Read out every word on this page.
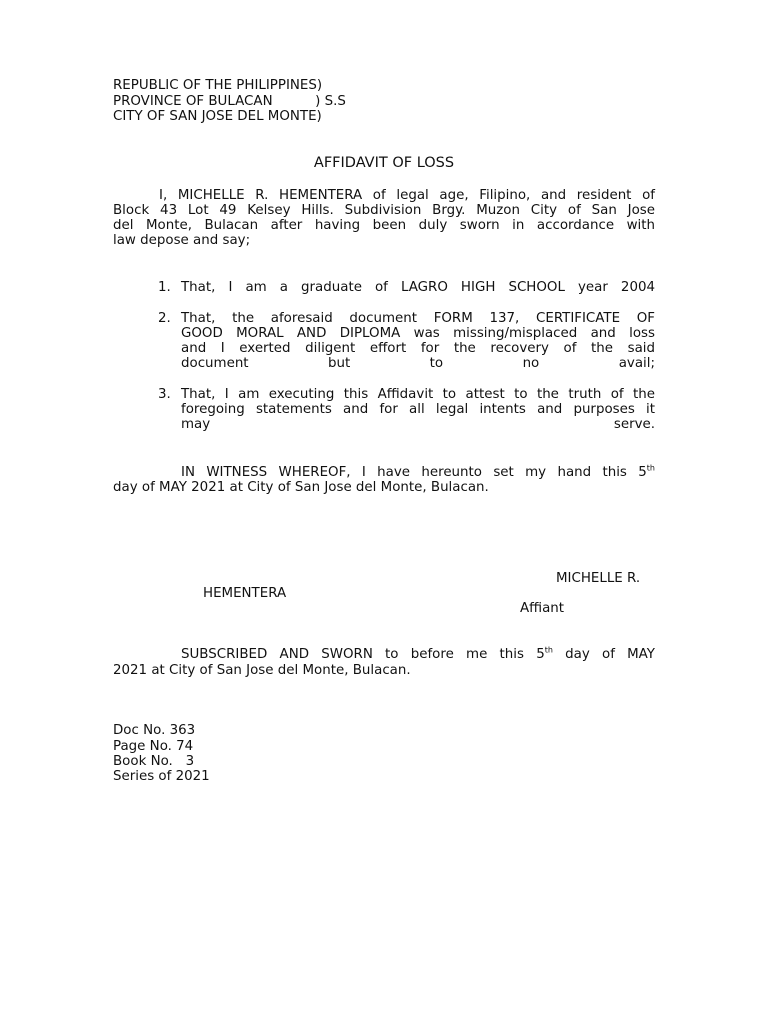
REPUBLIC OF THE PHILIPPINES)
PROVINCE OF BULACAN          ) S.S
CITY OF SAN JOSE DEL MONTE)
AFFIDAVIT OF LOSS
I, MICHELLE R. HEMENTERA of legal age, Filipino, and resident of
Block 43 Lot 49 Kelsey Hills. Subdivision Brgy. Muzon City of San Jose
del Monte, Bulacan after having been duly sworn in accordance with
law depose and say;
1. That, I am a graduate of LAGRO HIGH SCHOOL year 2004
2. That, the aforesaid document FORM 137, CERTIFICATE OF
GOOD MORAL AND DIPLOMA was missing/misplaced and loss
and I exerted diligent effort for the recovery of the said
document but to no avail;
3. That, I am executing this Affidavit to attest to the truth of the
foregoing statements and for all legal intents and purposes it
may serve.
IN WITNESS WHEREOF, I have hereunto set my hand this 5th
day of MAY 2021 at City of San Jose del Monte, Bulacan.
MICHELLE R.
HEMENTERA
Affiant
SUBSCRIBED AND SWORN to before me this 5th day of MAY
2021 at City of San Jose del Monte, Bulacan.
Doc No. 363
Page No. 74
Book No.   3
Series of 2021
